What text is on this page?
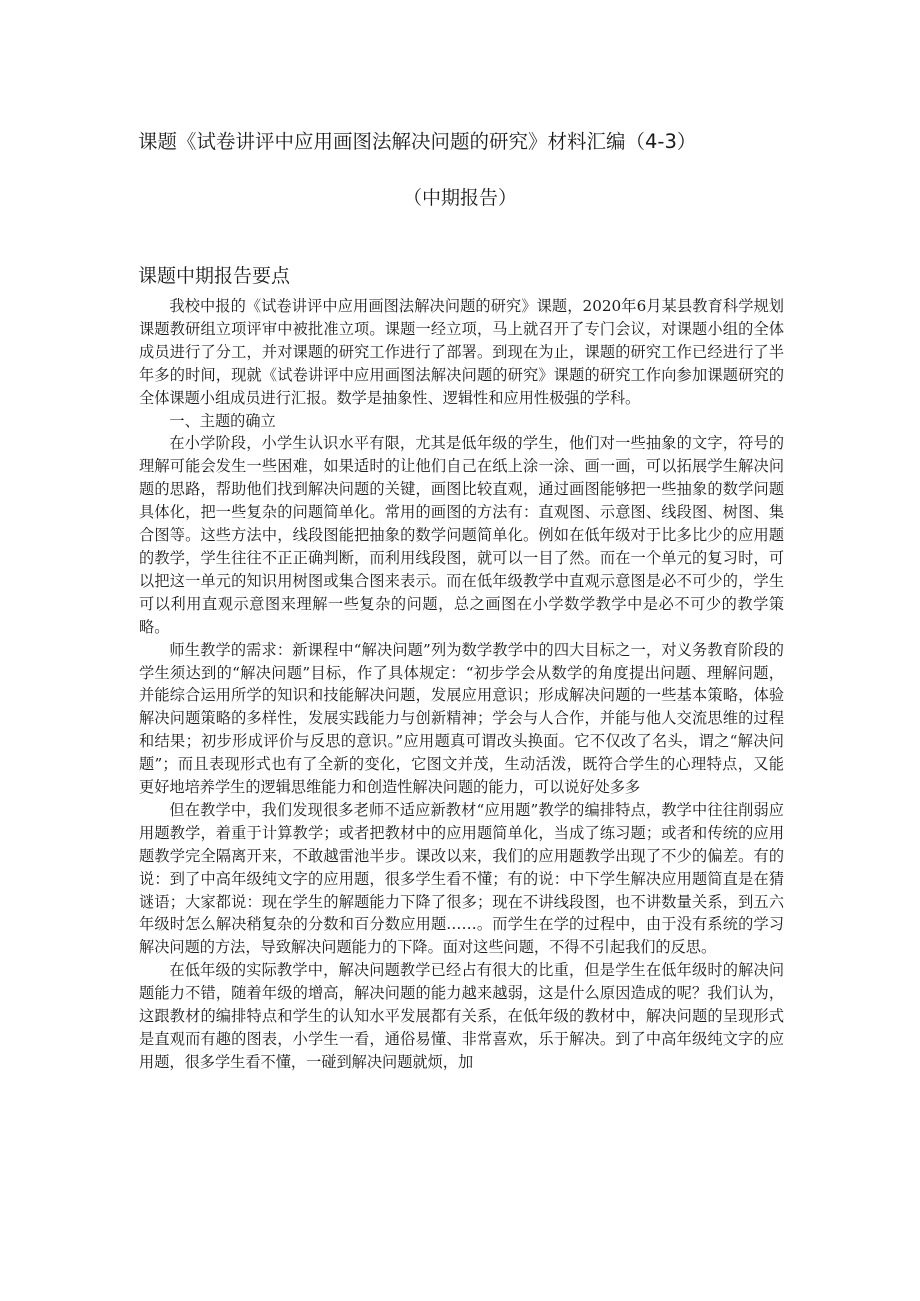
课题《试卷讲评中应用画图法解决问题的研究》材料汇编（4-3）
（中期报告）
课题中期报告要点

我校中报的《试卷讲评中应用画图法解决问题的研究》课题，2020年6月某县教育科学规划课题教研组立项评审中被批准立项。课题一经立项，马上就召开了专门会议，对课题小组的全体成员进行了分工，并对课题的研究工作进行了部署。到现在为止，课题的研究工作已经进行了半年多的时间，现就《试卷讲评中应用画图法解决问题的研究》课题的研究工作向参加课题研究的全体课题小组成员进行汇报。数学是抽象性、逻辑性和应用性极强的学科。

一、主题的确立

在小学阶段，小学生认识水平有限，尤其是低年级的学生，他们对一些抽象的文字，符号的理解可能会发生一些困难，如果适时的让他们自己在纸上涂一涂、画一画，可以拓展学生解决问题的思路，帮助他们找到解决问题的关键，画图比较直观，通过画图能够把一些抽象的数学问题具体化，把一些复杂的问题简单化。常用的画图的方法有：直观图、示意图、线段图、树图、集合图等。这些方法中，线段图能把抽象的数学问题简单化。例如在低年级对于比多比少的应用题的教学，学生往往不正正确判断，而利用线段图，就可以一目了然。而在一个单元的复习时，可以把这一单元的知识用树图或集合图来表示。而在低年级教学中直观示意图是必不可少的，学生可以利用直观示意图来理解一些复杂的问题，总之画图在小学数学教学中是必不可少的教学策略。

师生教学的需求：新课程中“解决问题”列为数学教学中的四大目标之一，对义务教育阶段的学生须达到的“解决问题”目标，作了具体规定：“初步学会从数学的角度提出问题、理解问题，并能综合运用所学的知识和技能解决问题，发展应用意识；形成解决问题的一些基本策略，体验解决问题策略的多样性，发展实践能力与创新精神；学会与人合作，并能与他人交流思维的过程和结果；初步形成评价与反思的意识。”应用题真可谓改头换面。它不仅改了名头，谓之“解决问题”；而且表现形式也有了全新的变化，它图文并茂，生动活泼，既符合学生的心理特点，又能更好地培养学生的逻辑思维能力和创造性解决问题的能力，可以说好处多多

但在教学中，我们发现很多老师不适应新教材“应用题”教学的编排特点，教学中往往削弱应用题教学，着重于计算教学；或者把教材中的应用题简单化，当成了练习题；或者和传统的应用题教学完全隔离开来，不敢越雷池半步。课改以来，我们的应用题教学出现了不少的偏差。有的说：到了中高年级纯文字的应用题，很多学生看不懂；有的说：中下学生解决应用题简直是在猜谜语；大家都说：现在学生的解题能力下降了很多；现在不讲线段图，也不讲数量关系，到五六年级时怎么解决稍复杂的分数和百分数应用题……。而学生在学的过程中，由于没有系统的学习解决问题的方法，导致解决问题能力的下降。面对这些问题，不得不引起我们的反思。

在低年级的实际教学中，解决问题教学已经占有很大的比重，但是学生在低年级时的解决问题能力不错，随着年级的增高，解决问题的能力越来越弱，这是什么原因造成的呢？我们认为，这跟教材的编排特点和学生的认知水平发展都有关系，在低年级的教材中，解决问题的呈现形式是直观而有趣的图表，小学生一看，通俗易懂、非常喜欢，乐于解决。到了中高年级纯文字的应用题，很多学生看不懂，一碰到解决问题就烦，加
